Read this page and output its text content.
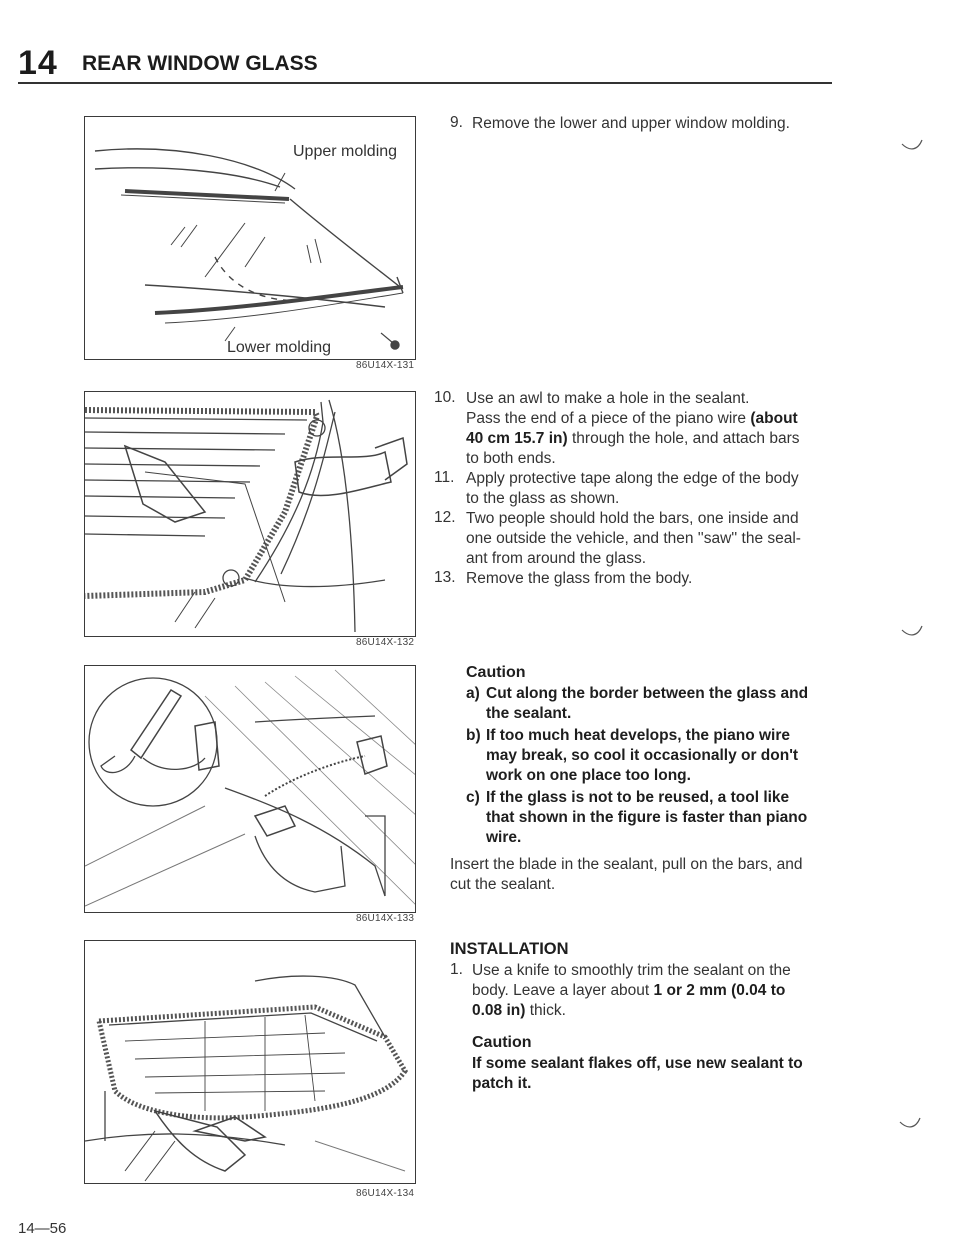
14 REAR WINDOW GLASS
Upper molding
Lower molding
86U14X-131
86U14X-132
86U14X-133
86U14X-134
9. Remove the lower and upper window molding.
10. Use an awl to make a hole in the sealant.
Pass the end of a piece of the piano wire (about
40 cm 15.7 in) through the hole, and attach bars
to both ends.
11. Apply protective tape along the edge of the body
to the glass as shown.
12. Two people should hold the bars, one inside and
one outside the vehicle, and then ''saw'' the seal-
ant from around the glass.
13. Remove the glass from the body.
Caution
a) Cut along the border between the glass and
the sealant.
b) If too much heat develops, the piano wire
may break, so cool it occasionally or don't
work on one place too long.
c) If the glass is not to be reused, a tool like
that shown in the figure is faster than piano
wire.
Insert the blade in the sealant, pull on the bars, and
cut the sealant.
INSTALLATION
1. Use a knife to smoothly trim the sealant on the
body. Leave a layer about 1 or 2 mm (0.04 to
0.08 in) thick.
Caution
If some sealant flakes off, use new sealant to
patch it.
14—56
